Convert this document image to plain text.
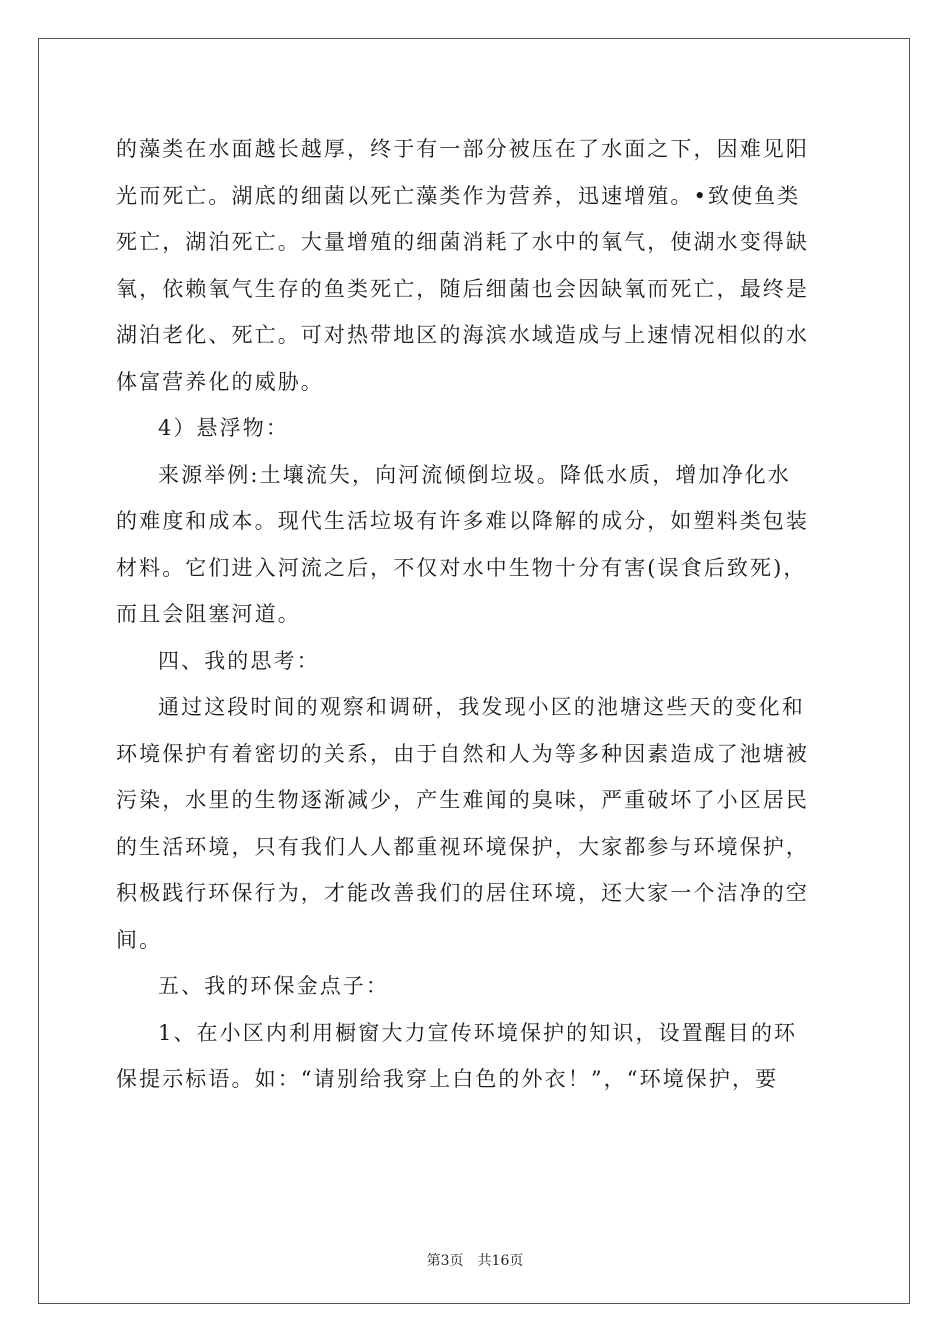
的藻类在水面越长越厚，终于有一部分被压在了水面之下，因难见阳
光而死亡。湖底的细菌以死亡藻类作为营养，迅速增殖。•致使鱼类
死亡，湖泊死亡。大量增殖的细菌消耗了水中的氧气，使湖水变得缺
氧，依赖氧气生存的鱼类死亡，随后细菌也会因缺氧而死亡，最终是
湖泊老化、死亡。可对热带地区的海滨水域造成与上速情况相似的水
体富营养化的威胁。
4）悬浮物：
来源举例:土壤流失，向河流倾倒垃圾。降低水质，增加净化水
的难度和成本。现代生活垃圾有许多难以降解的成分，如塑料类包装
材料。它们进入河流之后，不仅对水中生物十分有害(误食后致死)，
而且会阻塞河道。
四、我的思考：
通过这段时间的观察和调研，我发现小区的池塘这些天的变化和
环境保护有着密切的关系，由于自然和人为等多种因素造成了池塘被
污染，水里的生物逐渐减少，产生难闻的臭味，严重破坏了小区居民
的生活环境，只有我们人人都重视环境保护，大家都参与环境保护，
积极践行环保行为，才能改善我们的居住环境，还大家一个洁净的空
间。
五、我的环保金点子：
1、在小区内利用橱窗大力宣传环境保护的知识，设置醒目的环
保提示标语。如：“请别给我穿上白色的外衣！”，“环境保护，要
第3页　共16页
